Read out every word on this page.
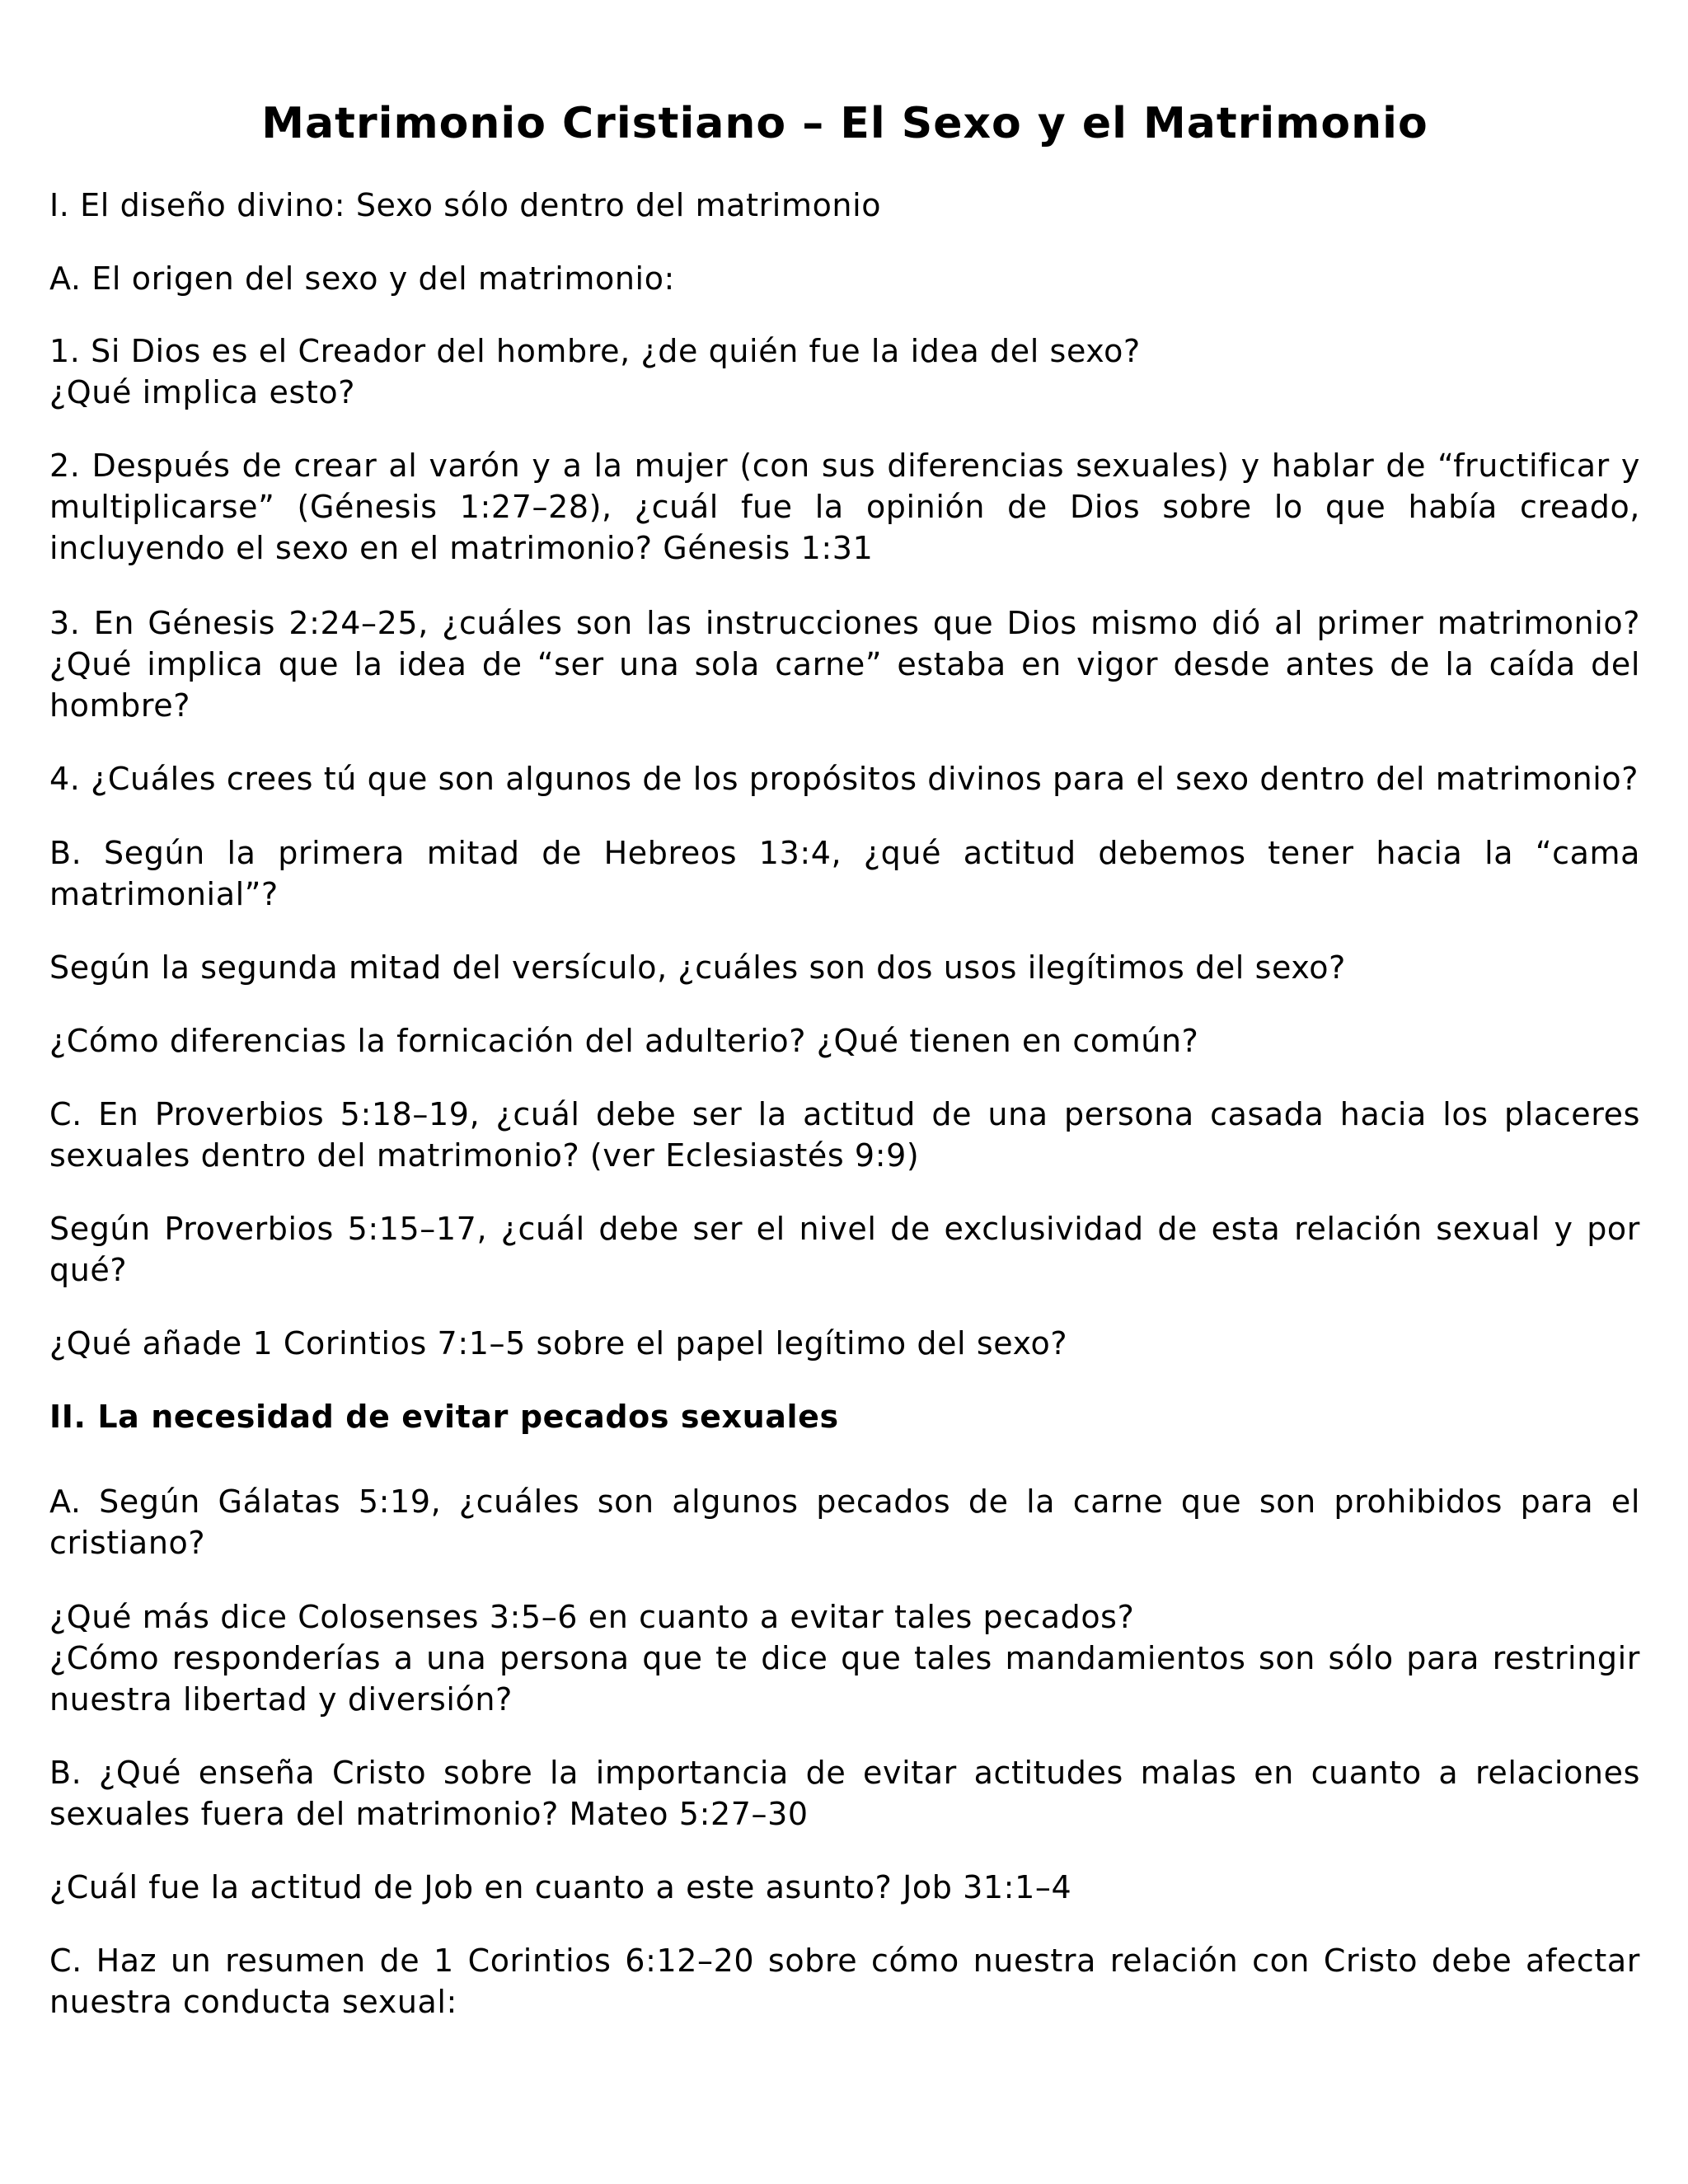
Matrimonio Cristiano – El Sexo y el Matrimonio

I. El diseño divino: Sexo sólo dentro del matrimonio

A. El origen del sexo y del matrimonio:

1. Si Dios es el Creador del hombre, ¿de quién fue la idea del sexo?
¿Qué implica esto?

2. Después de crear al varón y a la mujer (con sus diferencias sexuales) y hablar de “fructificar y multiplicarse” (Génesis 1:27–28), ¿cuál fue la opinión de Dios sobre lo que había creado, incluyendo el sexo en el matrimonio? Génesis 1:31

3. En Génesis 2:24–25, ¿cuáles son las instrucciones que Dios mismo dió al primer matrimonio? ¿Qué implica que la idea de “ser una sola carne” estaba en vigor desde antes de la caída del hombre?

4. ¿Cuáles crees tú que son algunos de los propósitos divinos para el sexo dentro del matrimonio?

B. Según la primera mitad de Hebreos 13:4, ¿qué actitud debemos tener hacia la “cama matrimonial”?

Según la segunda mitad del versículo, ¿cuáles son dos usos ilegítimos del sexo?

¿Cómo diferencias la fornicación del adulterio? ¿Qué tienen en común?

C. En Proverbios 5:18–19, ¿cuál debe ser la actitud de una persona casada hacia los placeres sexuales dentro del matrimonio? (ver Eclesiastés 9:9)

Según Proverbios 5:15–17, ¿cuál debe ser el nivel de exclusividad de esta relación sexual y por qué?

¿Qué añade 1 Corintios 7:1–5 sobre el papel legítimo del sexo?

II. La necesidad de evitar pecados sexuales

A. Según Gálatas 5:19, ¿cuáles son algunos pecados de la carne que son prohibidos para el cristiano?

¿Qué más dice Colosenses 3:5–6 en cuanto a evitar tales pecados?
¿Cómo responderías a una persona que te dice que tales mandamientos son sólo para restringir nuestra libertad y diversión?

B. ¿Qué enseña Cristo sobre la importancia de evitar actitudes malas en cuanto a relaciones sexuales fuera del matrimonio? Mateo 5:27–30

¿Cuál fue la actitud de Job en cuanto a este asunto? Job 31:1–4

C. Haz un resumen de 1 Corintios 6:12–20 sobre cómo nuestra relación con Cristo debe afectar nuestra conducta sexual:
